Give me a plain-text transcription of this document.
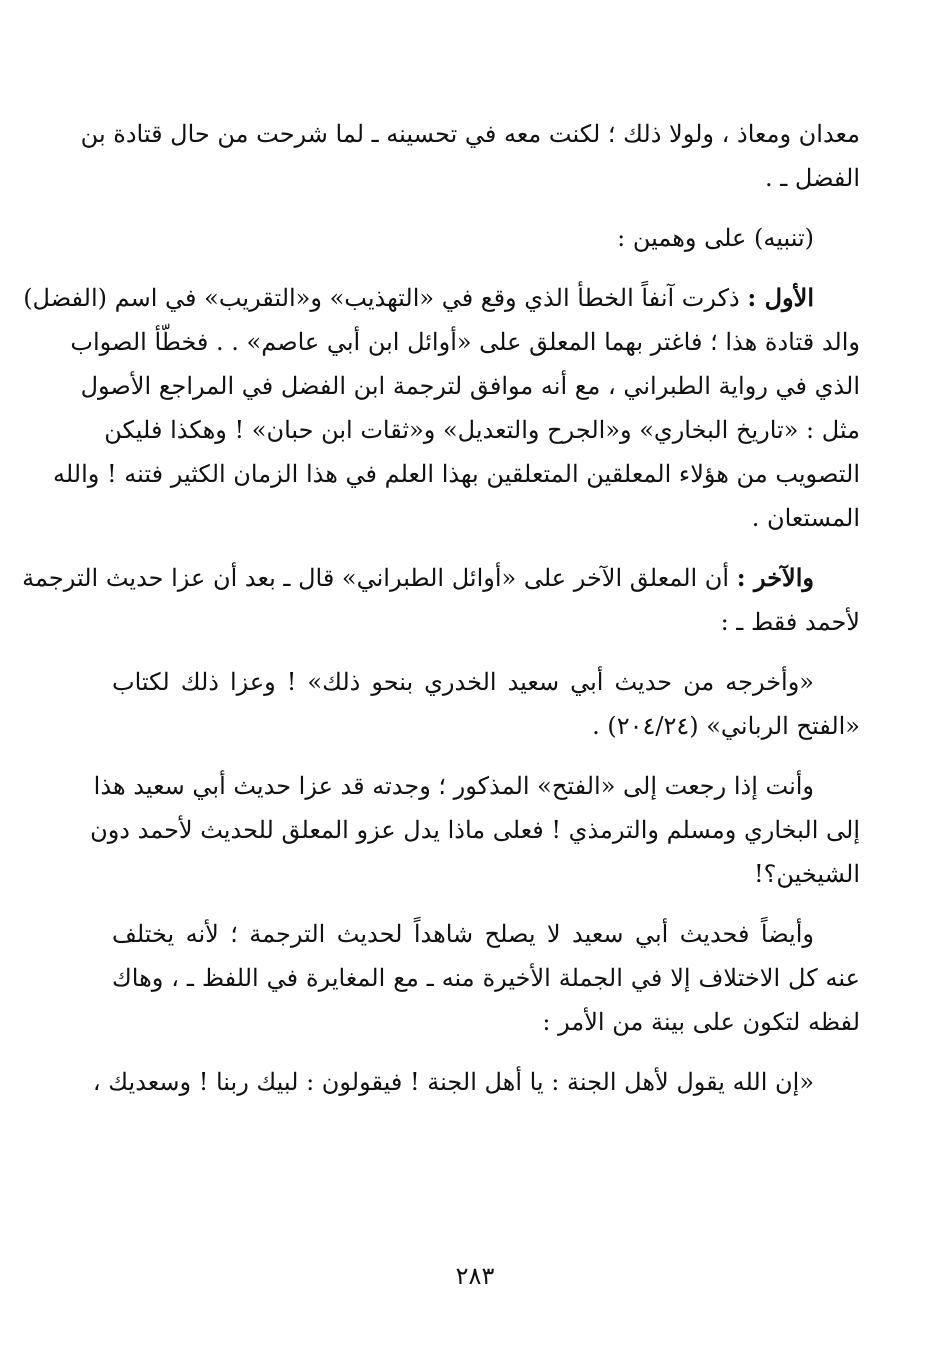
معدان ومعاذ ، ولولا ذلك ؛ لكنت معه في تحسينه ـ لما شرحت من حال قتادة بن
الفضل ـ .
(تنبيه) على وهمين :
الأول : ذكرت آنفاً الخطأ الذي وقع في «التهذيب» و«التقريب» في اسم (الفضل)
والد قتادة هذا ؛ فاغتر بهما المعلق على «أوائل ابن أبي عاصم» . . فخطّأ الصواب
الذي في رواية الطبراني ، مع أنه موافق لترجمة ابن الفضل في المراجع الأصول
مثل : «تاريخ البخاري» و«الجرح والتعديل» و«ثقات ابن حبان» ! وهكذا فليكن
التصويب من هؤلاء المعلقين المتعلقين بهذا العلم في هذا الزمان الكثير فتنه ! والله
المستعان .
والآخر : أن المعلق الآخر على «أوائل الطبراني» قال ـ بعد أن عزا حديث الترجمة
لأحمد فقط ـ :
«وأخرجه من حديث أبي سعيد الخدري بنحو ذلك» ! وعزا ذلك لكتاب
«الفتح الرباني» (٢٠٤/٢٤) .
وأنت إذا رجعت إلى «الفتح» المذكور ؛ وجدته قد عزا حديث أبي سعيد هذا
إلى البخاري ومسلم والترمذي ! فعلى ماذا يدل عزو المعلق للحديث لأحمد دون
الشيخين؟!
وأيضاً فحديث أبي سعيد لا يصلح شاهداً لحديث الترجمة ؛ لأنه يختلف
عنه كل الاختلاف إلا في الجملة الأخيرة منه ـ مع المغايرة في اللفظ ـ ، وهاك
لفظه لتكون على بينة من الأمر :
«إن الله يقول لأهل الجنة : يا أهل الجنة ! فيقولون : لبيك ربنا ! وسعديك ،
٢٨٣
